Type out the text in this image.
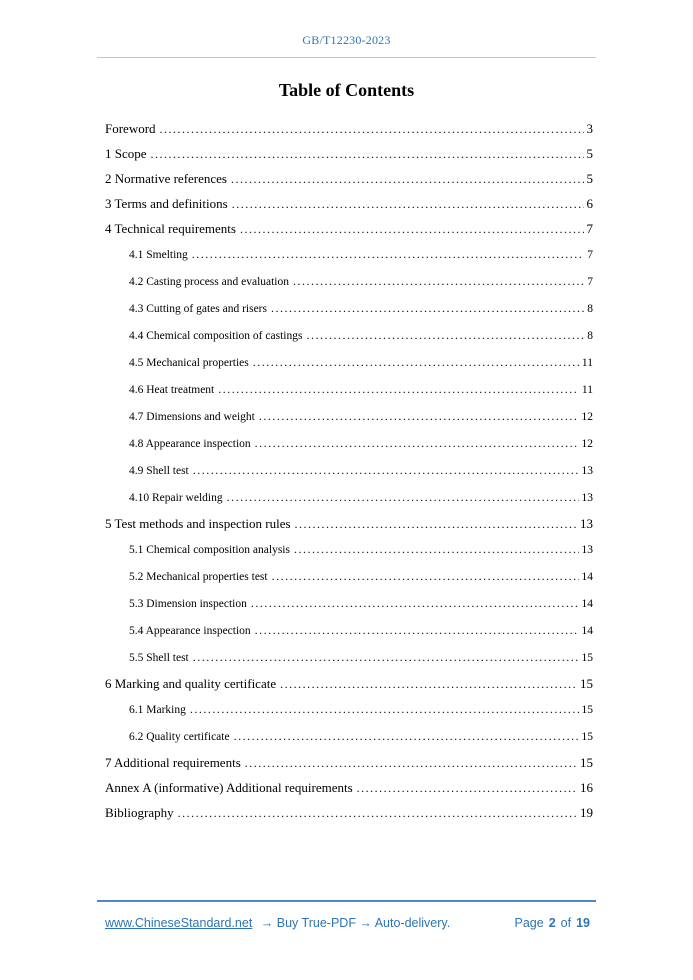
GB/T12230-2023
Table of Contents
Foreword .....	3
1 Scope .....	5
2 Normative references .....	5
3 Terms and definitions .....	6
4 Technical requirements .....	7
4.1 Smelting .....	7
4.2 Casting process and evaluation .....	7
4.3 Cutting of gates and risers .....	8
4.4 Chemical composition of castings .....	8
4.5 Mechanical properties .....	11
4.6 Heat treatment .....	11
4.7 Dimensions and weight .....	12
4.8 Appearance inspection .....	12
4.9 Shell test .....	13
4.10 Repair welding .....	13
5 Test methods and inspection rules .....	13
5.1 Chemical composition analysis .....	13
5.2 Mechanical properties test .....	14
5.3 Dimension inspection .....	14
5.4 Appearance inspection .....	14
5.5 Shell test .....	15
6 Marking and quality certificate .....	15
6.1 Marking .....	15
6.2 Quality certificate .....	15
7 Additional requirements .....	15
Annex A (informative) Additional requirements .....	16
Bibliography .....	19
www.ChineseStandard.net → Buy True-PDF → Auto-delivery.	Page 2 of 19
